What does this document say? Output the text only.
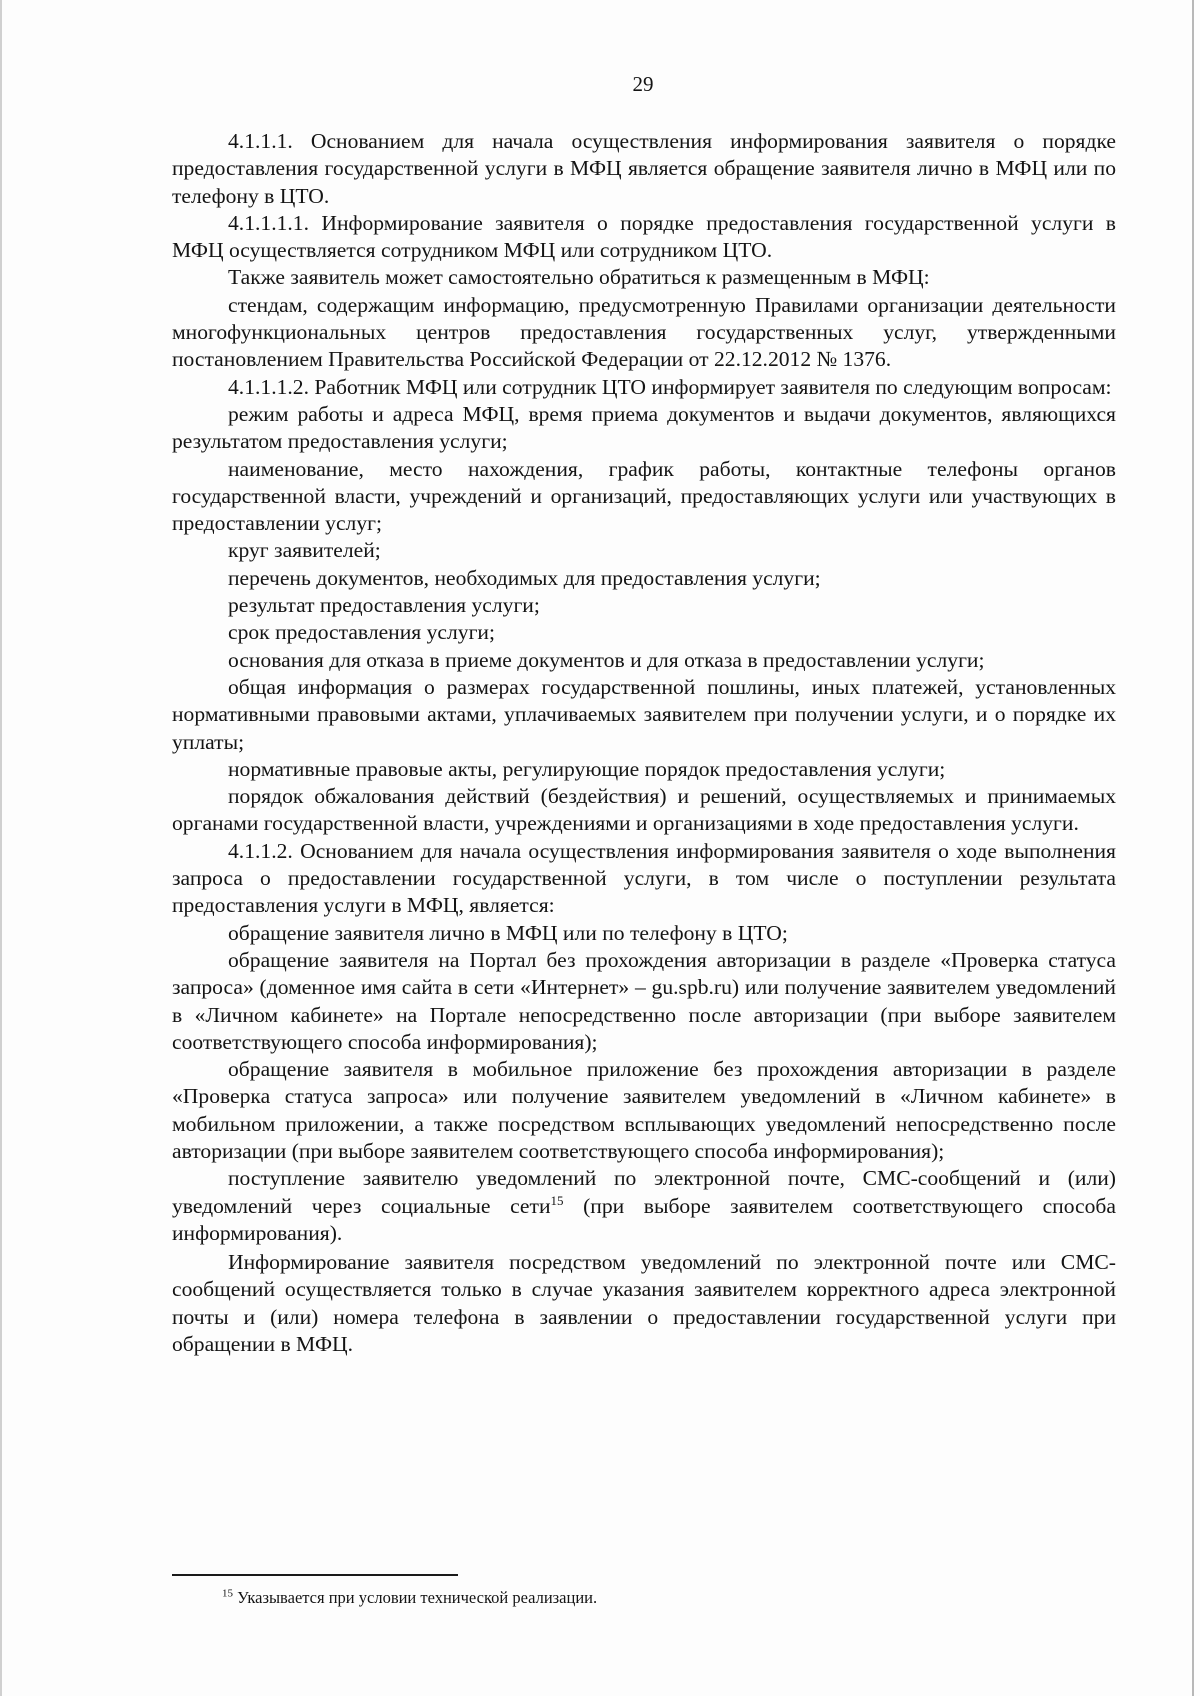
29

4.1.1.1. Основанием для начала осуществления информирования заявителя о порядке предоставления государственной услуги в МФЦ является обращение заявителя лично в МФЦ или по телефону в ЦТО.

4.1.1.1.1. Информирование заявителя о порядке предоставления государственной услуги в МФЦ осуществляется сотрудником МФЦ или сотрудником ЦТО.

Также заявитель может самостоятельно обратиться к размещенным в МФЦ:

стендам, содержащим информацию, предусмотренную Правилами организации деятельности многофункциональных центров предоставления государственных услуг, утвержденными постановлением Правительства Российской Федерации от 22.12.2012 № 1376.

4.1.1.1.2. Работник МФЦ или сотрудник ЦТО информирует заявителя по следующим вопросам:

режим работы и адреса МФЦ, время приема документов и выдачи документов, являющихся результатом предоставления услуги;

наименование, место нахождения, график работы, контактные телефоны органов государственной власти, учреждений и организаций, предоставляющих услуги или участвующих в предоставлении услуг;

круг заявителей;

перечень документов, необходимых для предоставления услуги;

результат предоставления услуги;

срок предоставления услуги;

основания для отказа в приеме документов и для отказа в предоставлении услуги;

общая информация о размерах государственной пошлины, иных платежей, установленных нормативными правовыми актами, уплачиваемых заявителем при получении услуги, и о порядке их уплаты;

нормативные правовые акты, регулирующие порядок предоставления услуги;

порядок обжалования действий (бездействия) и решений, осуществляемых и принимаемых органами государственной власти, учреждениями и организациями в ходе предоставления услуги.

4.1.1.2. Основанием для начала осуществления информирования заявителя о ходе выполнения запроса о предоставлении государственной услуги, в том числе о поступлении результата предоставления услуги в МФЦ, является:

обращение заявителя лично в МФЦ или по телефону в ЦТО;

обращение заявителя на Портал без прохождения авторизации в разделе «Проверка статуса запроса» (доменное имя сайта в сети «Интернет» – gu.spb.ru) или получение заявителем уведомлений в «Личном кабинете» на Портале непосредственно после авторизации (при выборе заявителем соответствующего способа информирования);

обращение заявителя в мобильное приложение без прохождения авторизации в разделе «Проверка статуса запроса» или получение заявителем уведомлений в «Личном кабинете» в мобильном приложении, а также посредством всплывающих уведомлений непосредственно после авторизации (при выборе заявителем соответствующего способа информирования);

поступление заявителю уведомлений по электронной почте, СМС-сообщений и (или) уведомлений через социальные сети$^{15}$ (при выборе заявителем соответствующего способа информирования).

Информирование заявителя посредством уведомлений по электронной почте или СМС-сообщений осуществляется только в случае указания заявителем корректного адреса электронной почты и (или) номера телефона в заявлении о предоставлении государственной услуги при обращении в МФЦ.

$^{15}$ Указывается при условии технической реализации.
